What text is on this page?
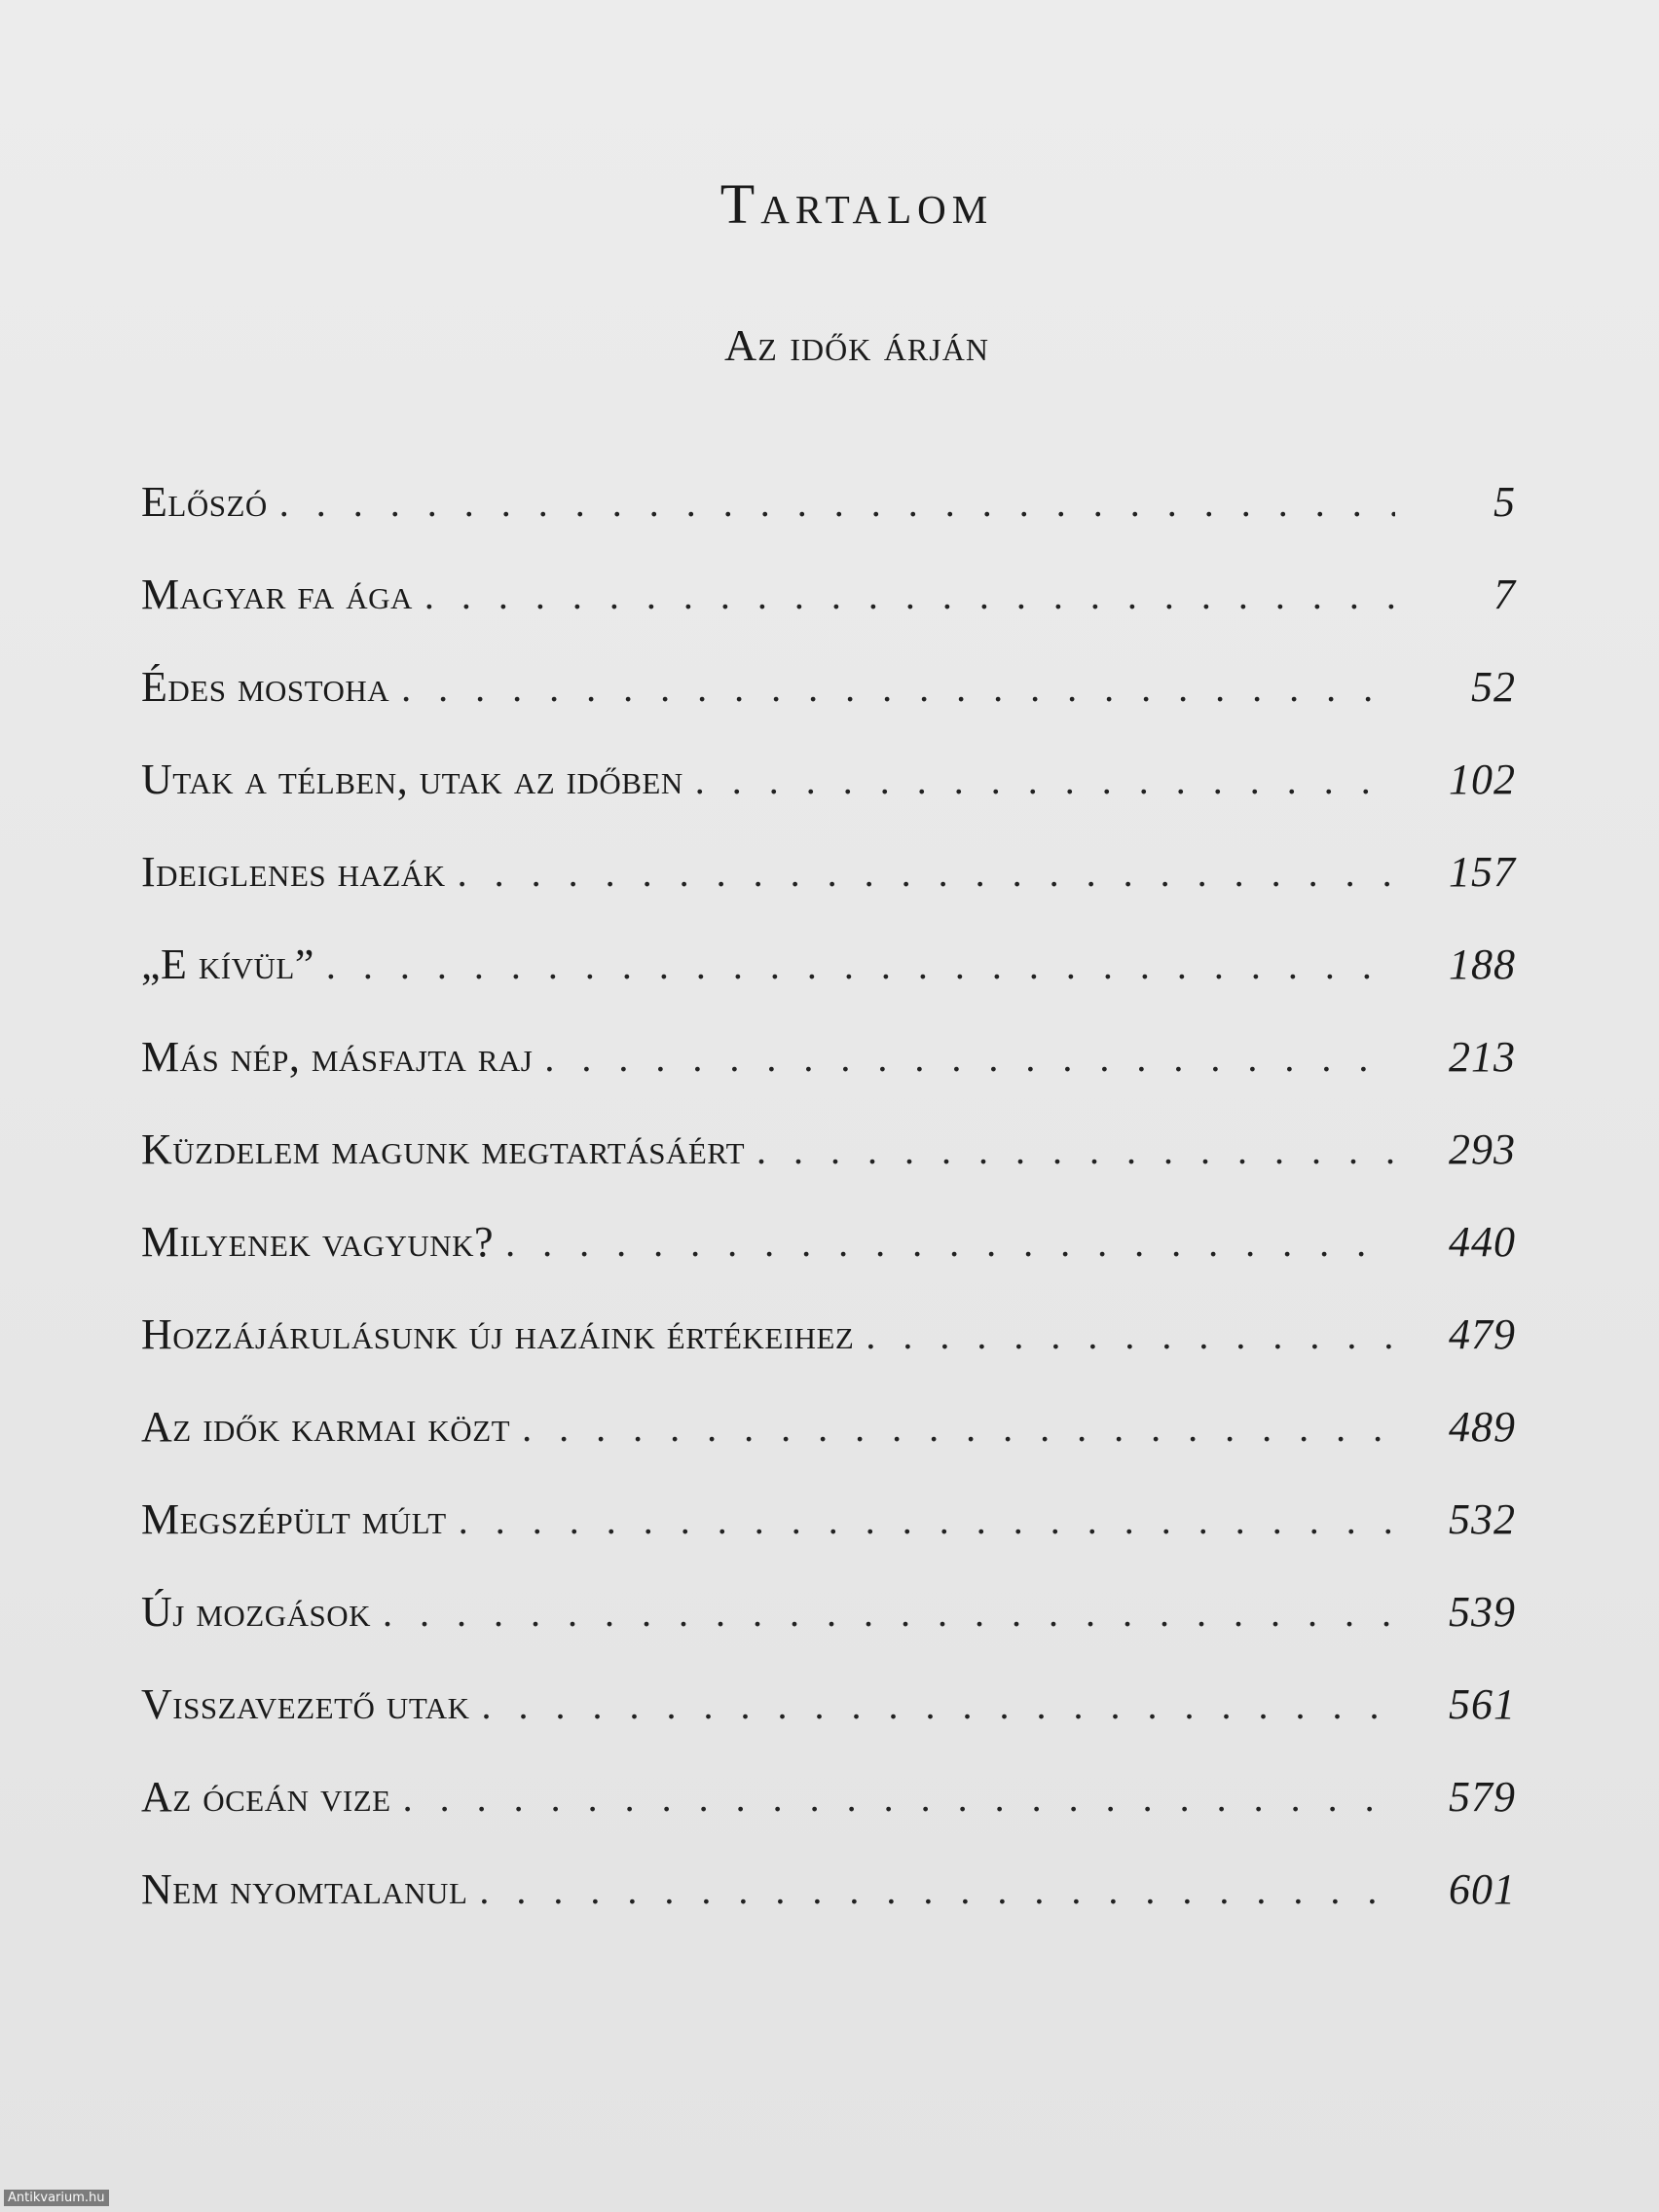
Tartalom
Az idők árján
Előszó . . .	5
Magyar fa ága . . .	7
Édes mostoha . . .	52
Utak a télben, utak az időben . . .	102
Ideiglenes hazák . . .	157
„E kívül” . . .	188
Más nép, másfajta raj . . .	213
Küzdelem magunk megtartásáért . . .	293
Milyenek vagyunk? . . .	440
Hozzájárulásunk új hazáink értékeihez . . .	479
Az idők karmai közt . . .	489
Megszépült múlt . . .	532
Új mozgások . . .	539
Visszavezető utak . . .	561
Az óceán vize . . .	579
Nem nyomtalanul . . .	601
Antikvarium.hu
